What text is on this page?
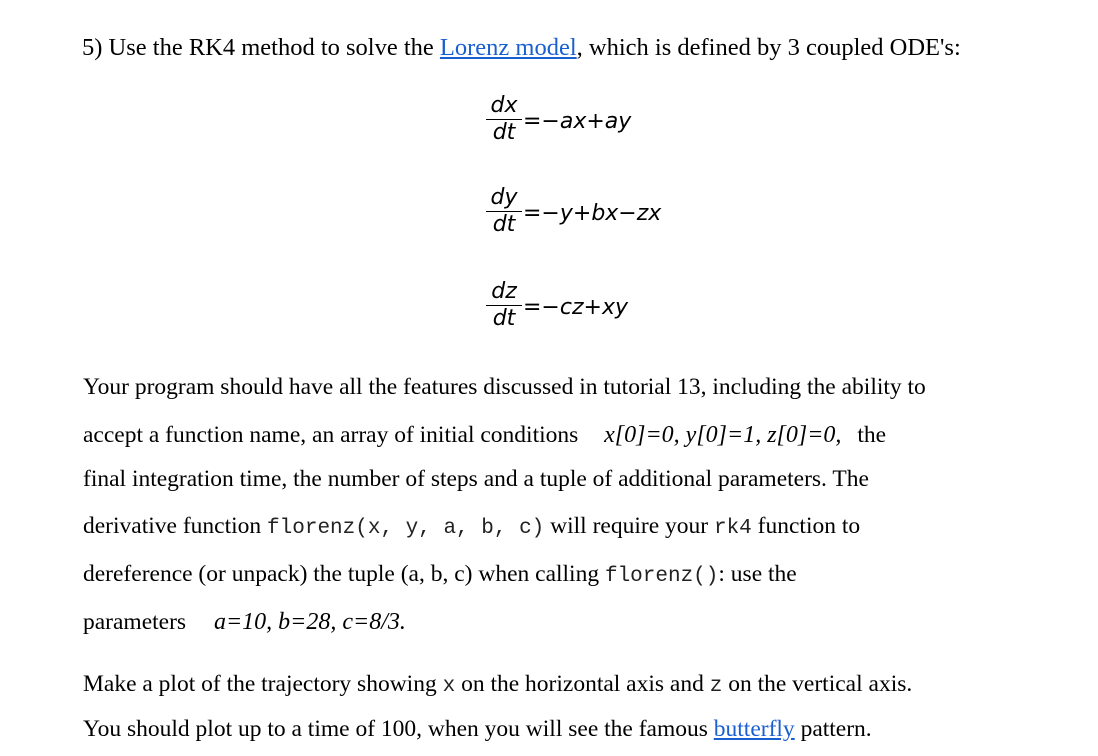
5) Use the RK4 method to solve the Lorenz model, which is defined by 3 coupled ODE's:
dx
dt =−ax+ay
dy
dt =−y+bx−zx
dz
dt =−cz+xy
Your program should have all the features discussed in tutorial 13, including the ability to
accept a function name, an array of initial conditions x[0]=0, y[0]=1, z[0]=0, the
final integration time, the number of steps and a tuple of additional parameters. The
derivative function florenz(x, y, a, b, c) will require your rk4 function to
dereference (or unpack) the tuple (a, b, c) when calling florenz(): use the
parameters a=10, b=28, c=8/3.
Make a plot of the trajectory showing x on the horizontal axis and z on the vertical axis.
You should plot up to a time of 100, when you will see the famous butterfly pattern.
